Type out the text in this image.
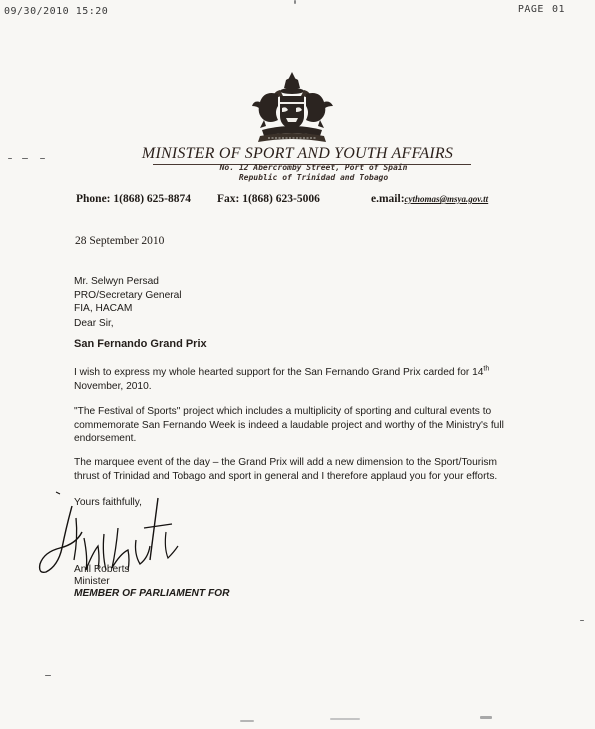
09/30/2010 15:20	PAGE 01
MINISTER OF SPORT AND YOUTH AFFAIRS
No. 12 Abercromby Street, Port of Spain
Republic of Trinidad and Tobago
Phone: 1(868) 625-8874 Fax: 1(868) 623-5006	e.mail:cythomas@msya.gov.tt
28 September 2010
Mr. Selwyn Persad
PRO/Secretary General
FIA, HACAM
Dear Sir,
San Fernando Grand Prix
I wish to express my whole hearted support for the San Fernando Grand Prix carded for 14th
November, 2010.
"The Festival of Sports" project which includes a multiplicity of sporting and cultural events to
commemorate San Fernando Week is indeed a laudable project and worthy of the Ministry's full
endorsement.
The marquee event of the day – the Grand Prix will add a new dimension to the Sport/Tourism
thrust of Trinidad and Tobago and sport in general and I therefore applaud you for your efforts.
Yours faithfully,
Anil Roberts
Minister
MEMBER OF PARLIAMENT FOR
